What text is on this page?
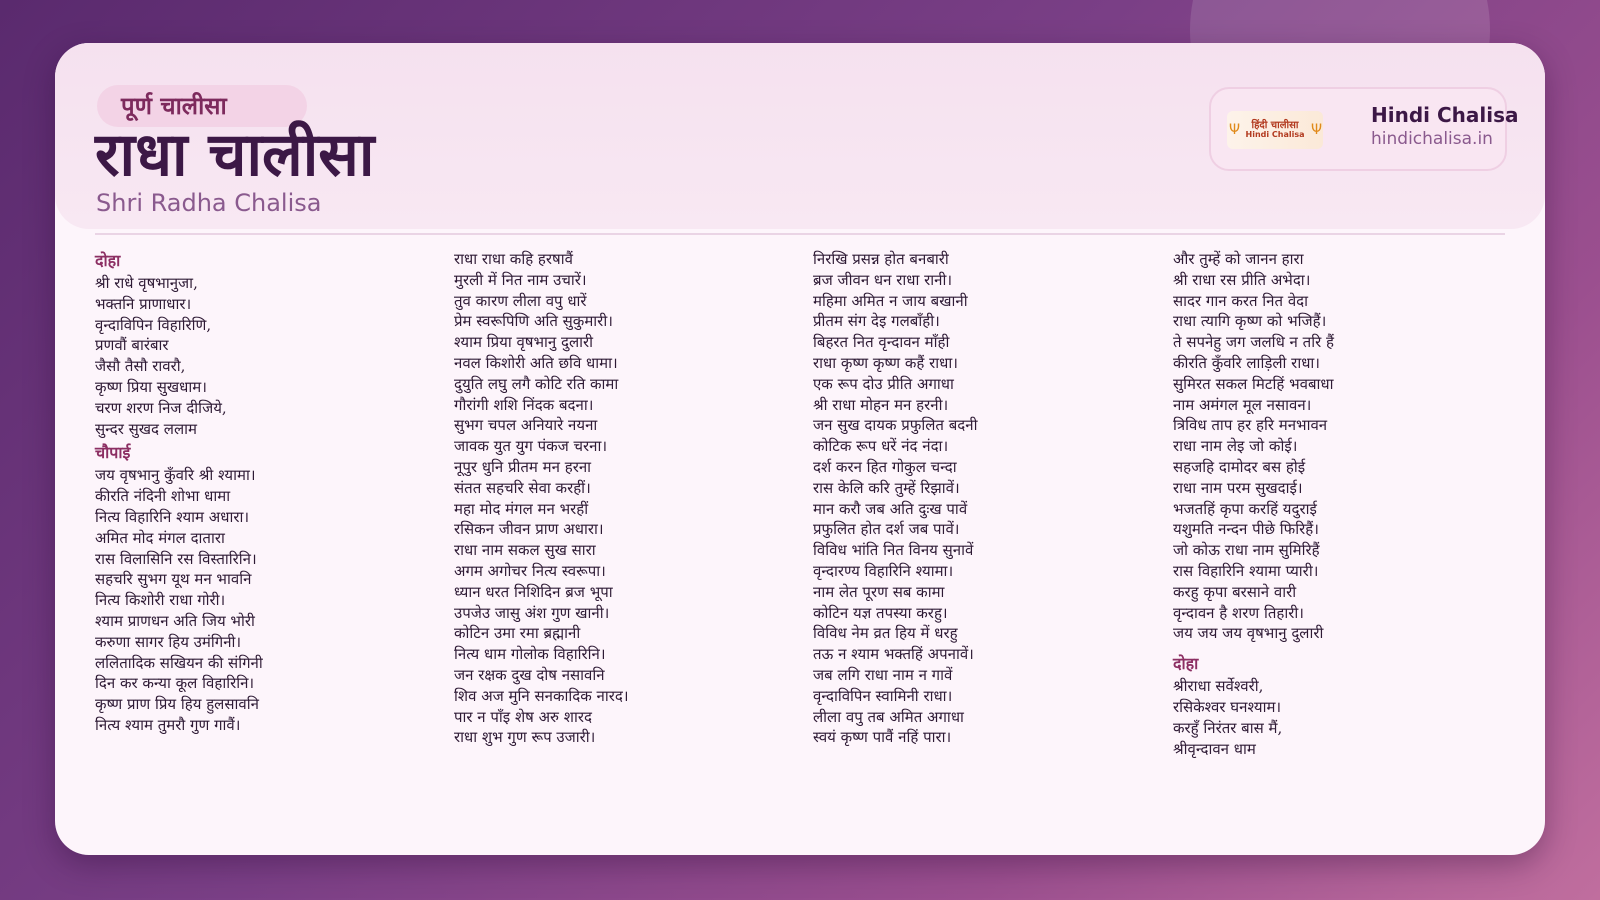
पूर्ण चालीसा
राधा चालीसा
Shri Radha Chalisa
Ψ हिंदी चालीसा
Hindi Chalisa Ψ
Hindi Chalisa
hindichalisa.in
दोहा
श्री राधे वृषभानुजा,
भक्तनि प्राणाधार।
वृन्दाविपिन विहारिणि,
प्रणवौं बारंबार
जैसौ तैसौ रावरौ,
कृष्ण प्रिया सुखधाम।
चरण शरण निज दीजिये,
सुन्दर सुखद ललाम
चौपाई
जय वृषभानु कुँवरि श्री श्यामा।
कीरति नंदिनी शोभा धामा
नित्य विहारिनि श्याम अधारा।
अमित मोद मंगल दातारा
रास विलासिनि रस विस्तारिनि।
सहचरि सुभग यूथ मन भावनि
नित्य किशोरी राधा गोरी।
श्याम प्राणधन अति जिय भोरी
करुणा सागर हिय उमंगिनी।
ललितादिक सखियन की संगिनी
दिन कर कन्या कूल विहारिनि।
कृष्ण प्राण प्रिय हिय हुलसावनि
नित्य श्याम तुमरौ गुण गावैं।
राधा राधा कहि हरषावैं
मुरली में नित नाम उचारें।
तुव कारण लीला वपु धारें
प्रेम स्वरूपिणि अति सुकुमारी।
श्याम प्रिया वृषभानु दुलारी
नवल किशोरी अति छवि धामा।
दुयुति लघु लगै कोटि रति कामा
गौरांगी शशि निंदक बदना।
सुभग चपल अनियारे नयना
जावक युत युग पंकज चरना।
नूपुर धुनि प्रीतम मन हरना
संतत सहचरि सेवा करहीं।
महा मोद मंगल मन भरहीं
रसिकन जीवन प्राण अधारा।
राधा नाम सकल सुख सारा
अगम अगोचर नित्य स्वरूपा।
ध्यान धरत निशिदिन ब्रज भूपा
उपजेउ जासु अंश गुण खानी।
कोटिन उमा रमा ब्रह्मानी
नित्य धाम गोलोक विहारिनि।
जन रक्षक दुख दोष नसावनि
शिव अज मुनि सनकादिक नारद।
पार न पाँइ शेष अरु शारद
राधा शुभ गुण रूप उजारी।
निरखि प्रसन्न होत बनबारी
ब्रज जीवन धन राधा रानी।
महिमा अमित न जाय बखानी
प्रीतम संग देइ गलबाँही।
बिहरत नित वृन्दावन माँही
राधा कृष्ण कृष्ण कहैं राधा।
एक रूप दोउ प्रीति अगाधा
श्री राधा मोहन मन हरनी।
जन सुख दायक प्रफुलित बदनी
कोटिक रूप धरें नंद नंदा।
दर्श करन हित गोकुल चन्दा
रास केलि करि तुम्हें रिझावें।
मान करौ जब अति दुःख पावें
प्रफुलित होत दर्श जब पावें।
विविध भांति नित विनय सुनावें
वृन्दारण्य विहारिनि श्यामा।
नाम लेत पूरण सब कामा
कोटिन यज्ञ तपस्या करहु।
विविध नेम व्रत हिय में धरहु
तऊ न श्याम भक्तहिं अपनावें।
जब लगि राधा नाम न गावें
वृन्दाविपिन स्वामिनी राधा।
लीला वपु तब अमित अगाधा
स्वयं कृष्ण पावैं नहिं पारा।
और तुम्हें को जानन हारा
श्री राधा रस प्रीति अभेदा।
सादर गान करत नित वेदा
राधा त्यागि कृष्ण को भजिहैं।
ते सपनेहु जग जलधि न तरि हैं
कीरति कुँवरि लाड़िली राधा।
सुमिरत सकल मिटहिं भवबाधा
नाम अमंगल मूल नसावन।
त्रिविध ताप हर हरि मनभावन
राधा नाम लेइ जो कोई।
सहजहि दामोदर बस होई
राधा नाम परम सुखदाई।
भजतहिं कृपा करहिं यदुराई
यशुमति नन्दन पीछे फिरिहैं।
जो कोऊ राधा नाम सुमिरिहैं
रास विहारिनि श्यामा प्यारी।
करहु कृपा बरसाने वारी
वृन्दावन है शरण तिहारी।
जय जय जय वृषभानु दुलारी
दोहा
श्रीराधा सर्वेश्वरी,
रसिकेश्वर घनश्याम।
करहुँ निरंतर बास मैं,
श्रीवृन्दावन धाम
